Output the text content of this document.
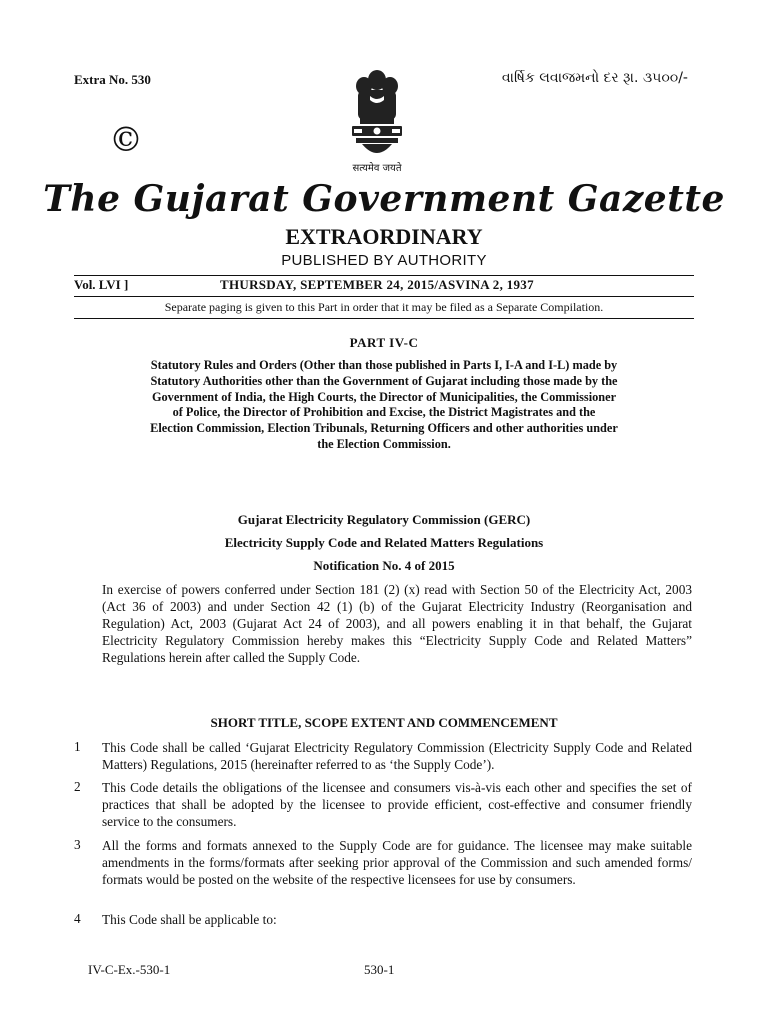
Extra No. 530	વાર્ષિક લવાજમનો દર રૂા. ૩૫૦૦/-
सत्यमेव जयते
©
The Gujarat Government Gazette
EXTRAORDINARY
PUBLISHED BY AUTHORITY
Vol. LVI ]	THURSDAY, SEPTEMBER 24, 2015/ASVINA 2, 1937
Separate paging is given to this Part in order that it may be filed as a Separate Compilation.
PART IV-C
Statutory Rules and Orders (Other than those published in Parts I, I-A and I-L) made by Statutory Authorities other than the Government of Gujarat including those made by the Government of India, the High Courts, the Director of Municipalities, the Commissioner of Police, the Director of Prohibition and Excise, the District Magistrates and the Election Commission, Election Tribunals, Returning Officers and other authorities under the Election Commission.
Gujarat Electricity Regulatory Commission (GERC)
Electricity Supply Code and Related Matters Regulations
Notification No. 4 of 2015
In exercise of powers conferred under Section 181 (2) (x) read with Section 50 of the Electricity Act, 2003 (Act 36 of 2003) and under Section 42 (1) (b) of the Gujarat Electricity Industry (Reorganisation and Regulation) Act, 2003 (Gujarat Act 24 of 2003), and all powers enabling it in that behalf, the Gujarat Electricity Regulatory Commission hereby makes this “Electricity Supply Code and Related Matters” Regulations herein after called the Supply Code.
SHORT TITLE, SCOPE EXTENT AND COMMENCEMENT
1 This Code shall be called ‘Gujarat Electricity Regulatory Commission (Electricity Supply Code and Related Matters) Regulations, 2015 (hereinafter referred to as ‘the Supply Code’).
2 This Code details the obligations of the licensee and consumers vis-à-vis each other and specifies the set of practices that shall be adopted by the licensee to provide efficient, cost-effective and consumer friendly service to the consumers.
3 All the forms and formats annexed to the Supply Code are for guidance. The licensee may make suitable amendments in the forms/formats after seeking prior approval of the Commission and such amended forms/ formats would be posted on the website of the respective licensees for use by consumers.
4 This Code shall be applicable to:
IV-C-Ex.-530-1	530-1
